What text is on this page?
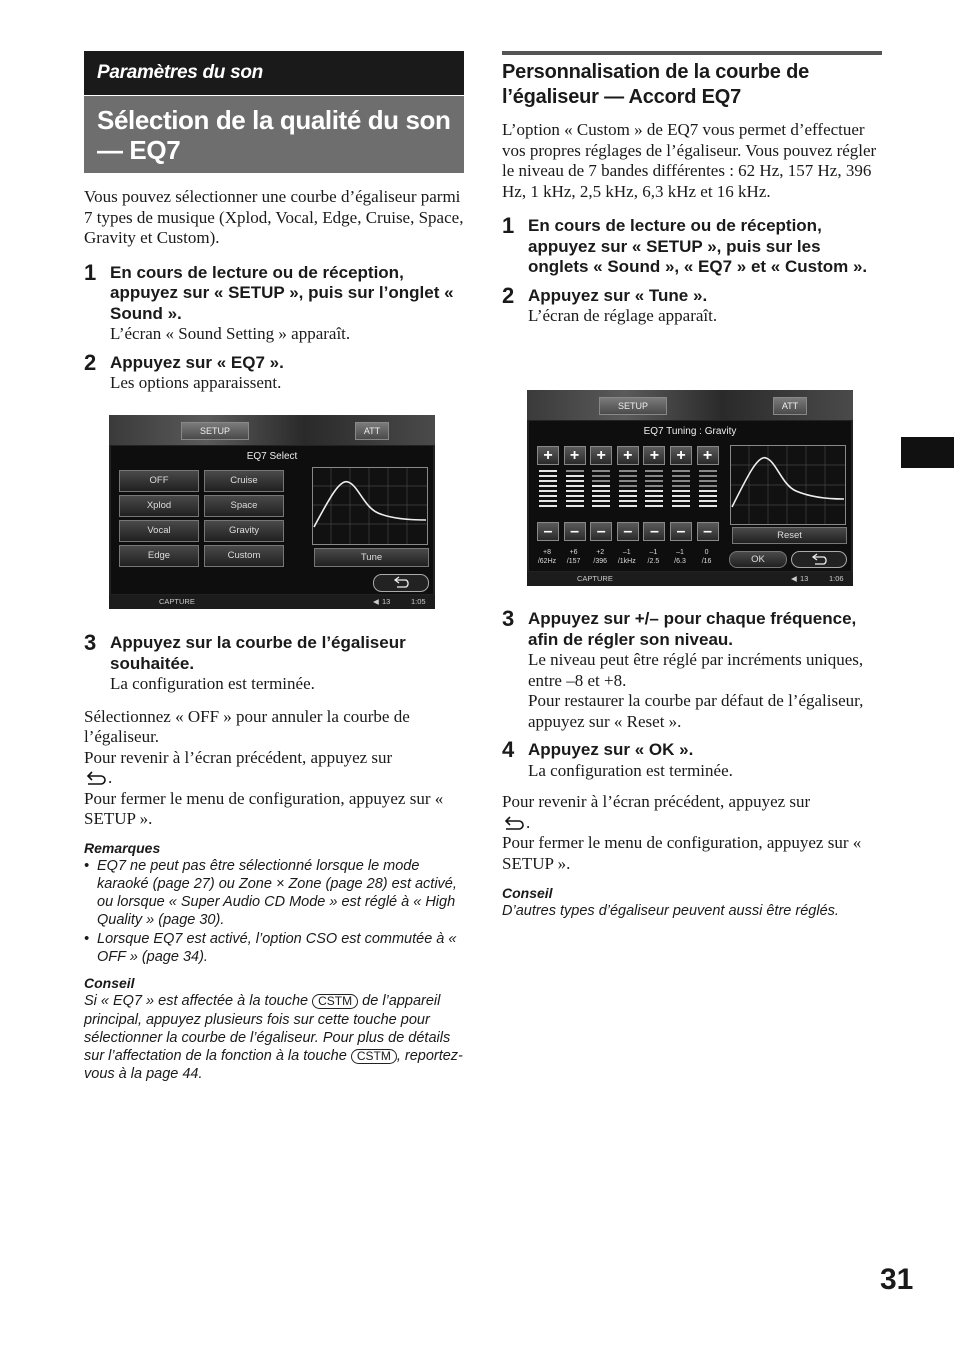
Paramètres du son
Sélection de la qualité du son — EQ7

Vous pouvez sélectionner une courbe d’égaliseur parmi 7 types de musique (Xplod, Vocal, Edge, Cruise, Space, Gravity et Custom).

1 En cours de lecture ou de réception, appuyez sur « SETUP », puis sur l’onglet « Sound ».
L’écran « Sound Setting » apparaît.
2 Appuyez sur « EQ7 ».
Les options apparaissent.
SETUP	ATT
EQ7 Select
OFF	Cruise
Xplod	Space
Vocal	Gravity
Edge	Custom	Tune
CAPTURE	◀ 13	1:05
3 Appuyez sur la courbe de l’égaliseur souhaitée.
La configuration est terminée.

Sélectionnez « OFF » pour annuler la courbe de l’égaliseur.

Pour revenir à l’écran précédent, appuyez sur
.

Pour fermer le menu de configuration, appuyez sur « SETUP ».

Remarques
• EQ7 ne peut pas être sélectionné lorsque le mode karaoké (page 27) ou Zone × Zone (page 28) est activé, ou lorsque « Super Audio CD Mode » est réglé à « High Quality » (page 30).
• Lorsque EQ7 est activé, l’option CSO est commutée à « OFF » (page 34).
Conseil
Si « EQ7 » est affectée à la touche CSTM de l’appareil principal, appuyez plusieurs fois sur cette touche pour sélectionner la courbe de l’égaliseur. Pour plus de détails sur l’affectation de la fonction à la touche CSTM , reportez-vous à la page 44.
Personnalisation de la courbe de l’égaliseur — Accord EQ7

L’option « Custom » de EQ7 vous permet d’effectuer vos propres réglages de l’égaliseur. Vous pouvez régler le niveau de 7 bandes différentes : 62 Hz, 157 Hz, 396 Hz, 1 kHz, 2,5 kHz, 6,3 kHz et 16 kHz.

1 En cours de lecture ou de réception, appuyez sur « SETUP », puis sur les onglets « Sound », « EQ7 » et « Custom ».
2 Appuyez sur « Tune ».
L’écran de réglage apparaît.
SETUP	ATT
EQ7 Tuning : Gravity
+
–
+8
/62Hz
+
–
+6
/157
+
–
+2
/396
+
–
–1
/1kHz
+
–
–1
/2.5
+
–
–1
/6.3
+
–
0
/16
Reset
OK
CAPTURE	◀ 13	1:06
3 Appuyez sur +/– pour chaque fréquence, afin de régler son niveau.
Le niveau peut être réglé par incréments uniques, entre –8 et +8.
Pour restaurer la courbe par défaut de l’égaliseur, appuyez sur « Reset ».
4 Appuyez sur « OK ».
La configuration est terminée.

Pour revenir à l’écran précédent, appuyez sur
.

Pour fermer le menu de configuration, appuyez sur « SETUP ».

Conseil
D’autres types d’égaliseur peuvent aussi être réglés.
31
